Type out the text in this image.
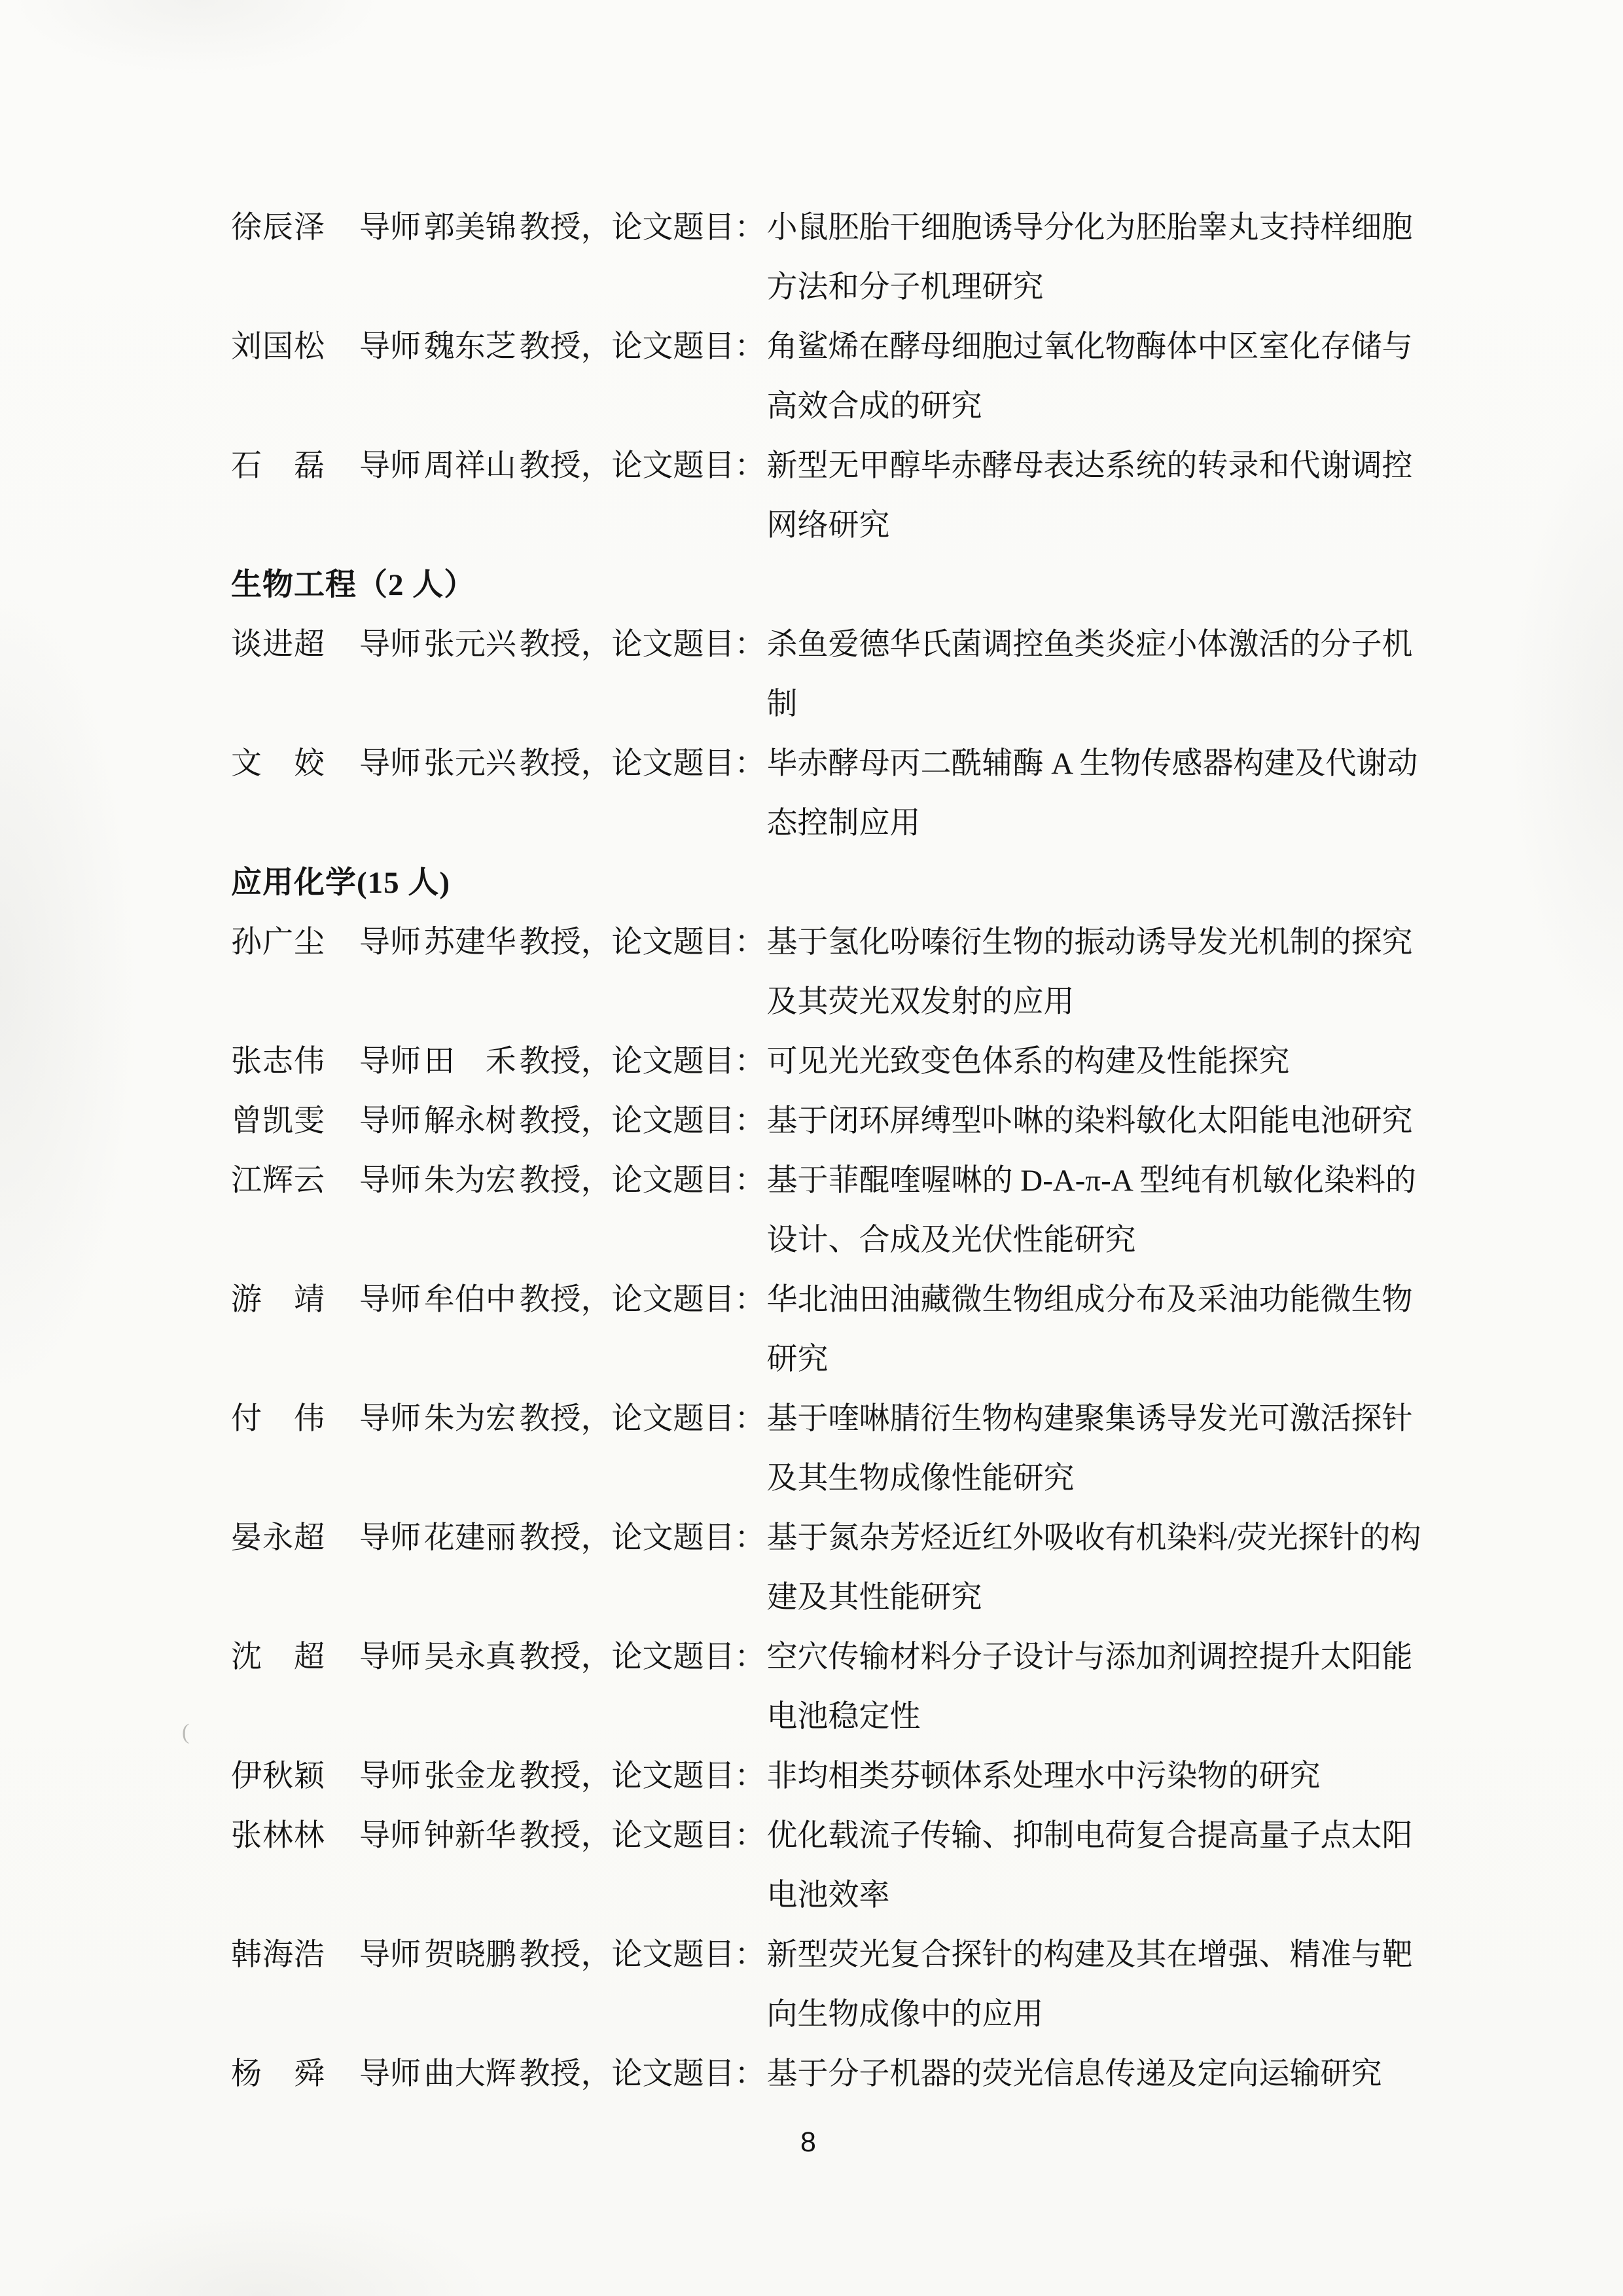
(
徐辰泽	导师 郭美锦 教授，论文题目： 小鼠胚胎干细胞诱导分化为胚胎睾丸支持样细胞
方法和分子机理研究
刘国松	导师 魏东芝 教授，论文题目： 角鲨烯在酵母细胞过氧化物酶体中区室化存储与
高效合成的研究
石　磊	导师 周祥山 教授，论文题目： 新型无甲醇毕赤酵母表达系统的转录和代谢调控
网络研究
生物工程（2 人）
谈进超	导师 张元兴 教授，论文题目： 杀鱼爱德华氏菌调控鱼类炎症小体激活的分子机
制
文　姣	导师 张元兴 教授，论文题目： 毕赤酵母丙二酰辅酶 A 生物传感器构建及代谢动
态控制应用
应用化学(15 人)
孙广尘	导师 苏建华 教授，论文题目： 基于氢化吩嗪衍生物的振动诱导发光机制的探究
及其荧光双发射的应用
张志伟	导师 田　禾 教授，论文题目： 可见光光致变色体系的构建及性能探究
曾凯雯	导师 解永树 教授，论文题目： 基于闭环屏缚型卟啉的染料敏化太阳能电池研究
江辉云	导师 朱为宏 教授，论文题目： 基于菲醌喹喔啉的 D-A-π-A 型纯有机敏化染料的
设计、合成及光伏性能研究
游　靖	导师 牟伯中 教授，论文题目： 华北油田油藏微生物组成分布及采油功能微生物
研究
付　伟	导师 朱为宏 教授，论文题目： 基于喹啉腈衍生物构建聚集诱导发光可激活探针
及其生物成像性能研究
晏永超	导师 花建丽 教授，论文题目： 基于氮杂芳烃近红外吸收有机染料/荧光探针的构
建及其性能研究
沈　超	导师 吴永真 教授，论文题目： 空穴传输材料分子设计与添加剂调控提升太阳能
电池稳定性
伊秋颖	导师 张金龙 教授，论文题目： 非均相类芬顿体系处理水中污染物的研究
张林林	导师 钟新华 教授，论文题目： 优化载流子传输、抑制电荷复合提高量子点太阳
电池效率
韩海浩	导师 贺晓鹏 教授，论文题目： 新型荧光复合探针的构建及其在增强、精准与靶
向生物成像中的应用
杨　舜	导师 曲大辉 教授，论文题目： 基于分子机器的荧光信息传递及定向运输研究
8
